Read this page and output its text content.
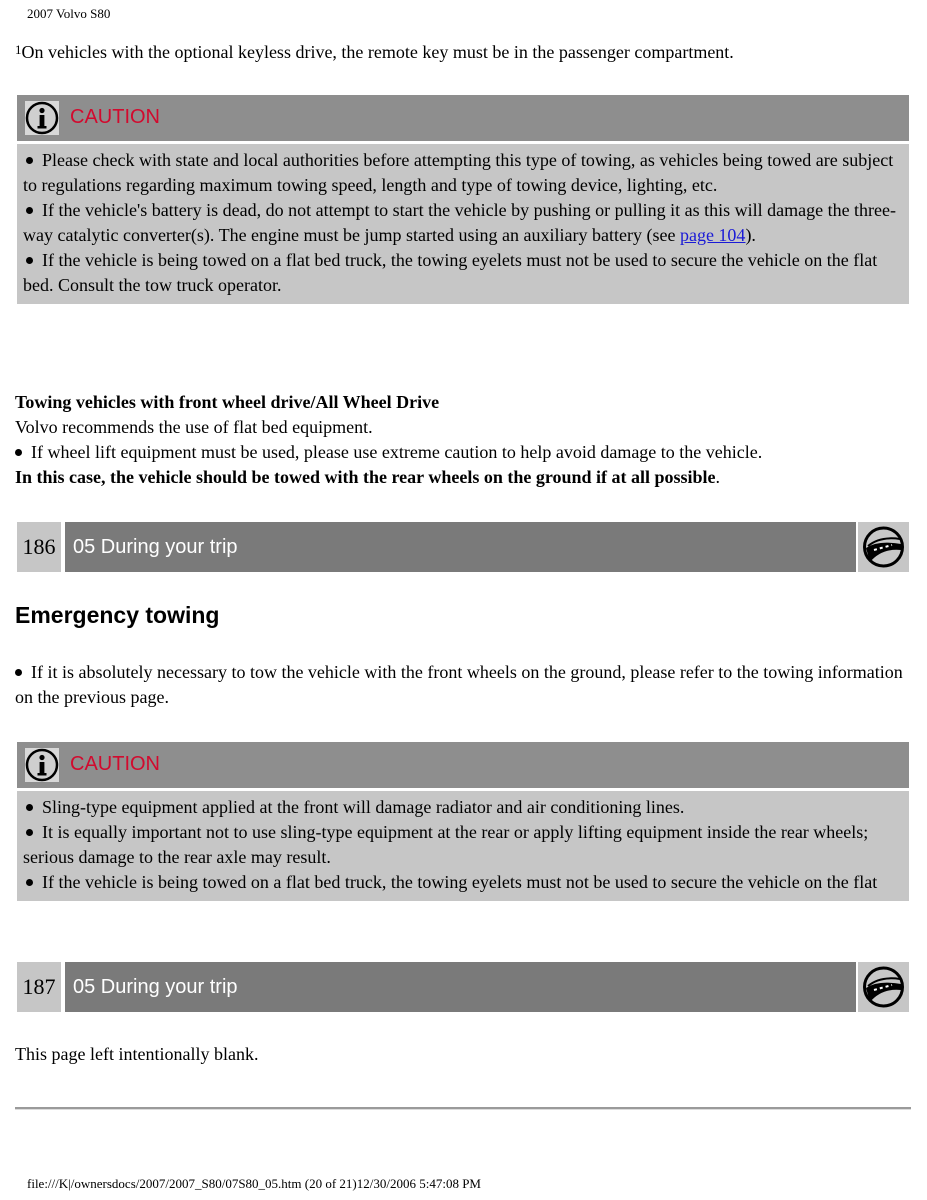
2007 Volvo S80
$^1$On vehicles with the optional keyless drive, the remote key must be in the passenger compartment.
CAUTION

Please check with state and local authorities before attempting this type of towing, as vehicles being towed are subject to regulations regarding maximum towing speed, length and type of towing device, lighting, etc.

If the vehicle's battery is dead, do not attempt to start the vehicle by pushing or pulling it as this will damage the three-way catalytic converter(s). The engine must be jump started using an auxiliary battery (see page 104).

If the vehicle is being towed on a flat bed truck, the towing eyelets must not be used to secure the vehicle on the flat bed. Consult the tow truck operator.

Towing vehicles with front wheel drive/All Wheel Drive
Volvo recommends the use of flat bed equipment.
If wheel lift equipment must be used, please use extreme caution to help avoid damage to the vehicle.
In this case, the vehicle should be towed with the rear wheels on the ground if at all possible.
186 05 During your trip
Emergency towing
If it is absolutely necessary to tow the vehicle with the front wheels on the ground, please refer to the towing information on the previous page.
CAUTION

Sling-type equipment applied at the front will damage radiator and air conditioning lines.

It is equally important not to use sling-type equipment at the rear or apply lifting equipment inside the rear wheels; serious damage to the rear axle may result.

If the vehicle is being towed on a flat bed truck, the towing eyelets must not be used to secure the vehicle on the flat

187 05 During your trip
This page left intentionally blank.
file:///K|/ownersdocs/2007/2007_S80/07S80_05.htm (20 of 21)12/30/2006 5:47:08 PM
